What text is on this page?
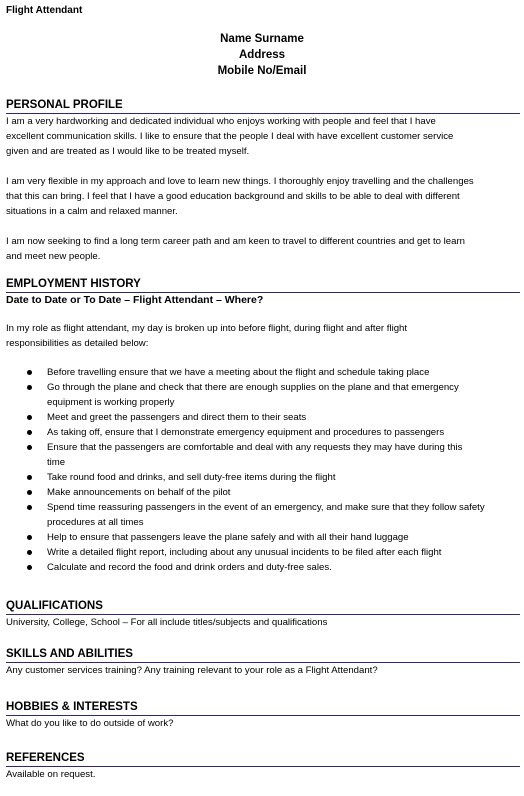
Flight Attendant
Name Surname
Address
Mobile No/Email
PERSONAL PROFILE

I am a very hardworking and dedicated individual who enjoys working with people and feel that I have

excellent communication skills. I like to ensure that the people I deal with have excellent customer service

given and are treated as I would like to be treated myself.

I am very flexible in my approach and love to learn new things. I thoroughly enjoy travelling and the challenges

that this can bring. I feel that I have a good education background and skills to be able to deal with different

situations in a calm and relaxed manner.

I am now seeking to find a long term career path and am keen to travel to different countries and get to learn

and meet new people.

EMPLOYMENT HISTORY
Date to Date or To Date – Flight Attendant – Where?

In my role as flight attendant, my day is broken up into before flight, during flight and after flight

responsibilities as detailed below:

Before travelling ensure that we have a meeting about the flight and schedule taking place
Go through the plane and check that there are enough supplies on the plane and that emergency
equipment is working properly
Meet and greet the passengers and direct them to their seats
As taking off, ensure that I demonstrate emergency equipment and procedures to passengers
Ensure that the passengers are comfortable and deal with any requests they may have during this
time
Take round food and drinks, and sell duty-free items during the flight
Make announcements on behalf of the pilot
Spend time reassuring passengers in the event of an emergency, and make sure that they follow safety
procedures at all times
Help to ensure that passengers leave the plane safely and with all their hand luggage
Write a detailed flight report, including about any unusual incidents to be filed after each flight
Calculate and record the food and drink orders and duty-free sales.
QUALIFICATIONS

University, College, School – For all include titles/subjects and qualifications

SKILLS AND ABILITIES

Any customer services training? Any training relevant to your role as a Flight Attendant?

HOBBIES & INTERESTS

What do you like to do outside of work?

REFERENCES

Available on request.
